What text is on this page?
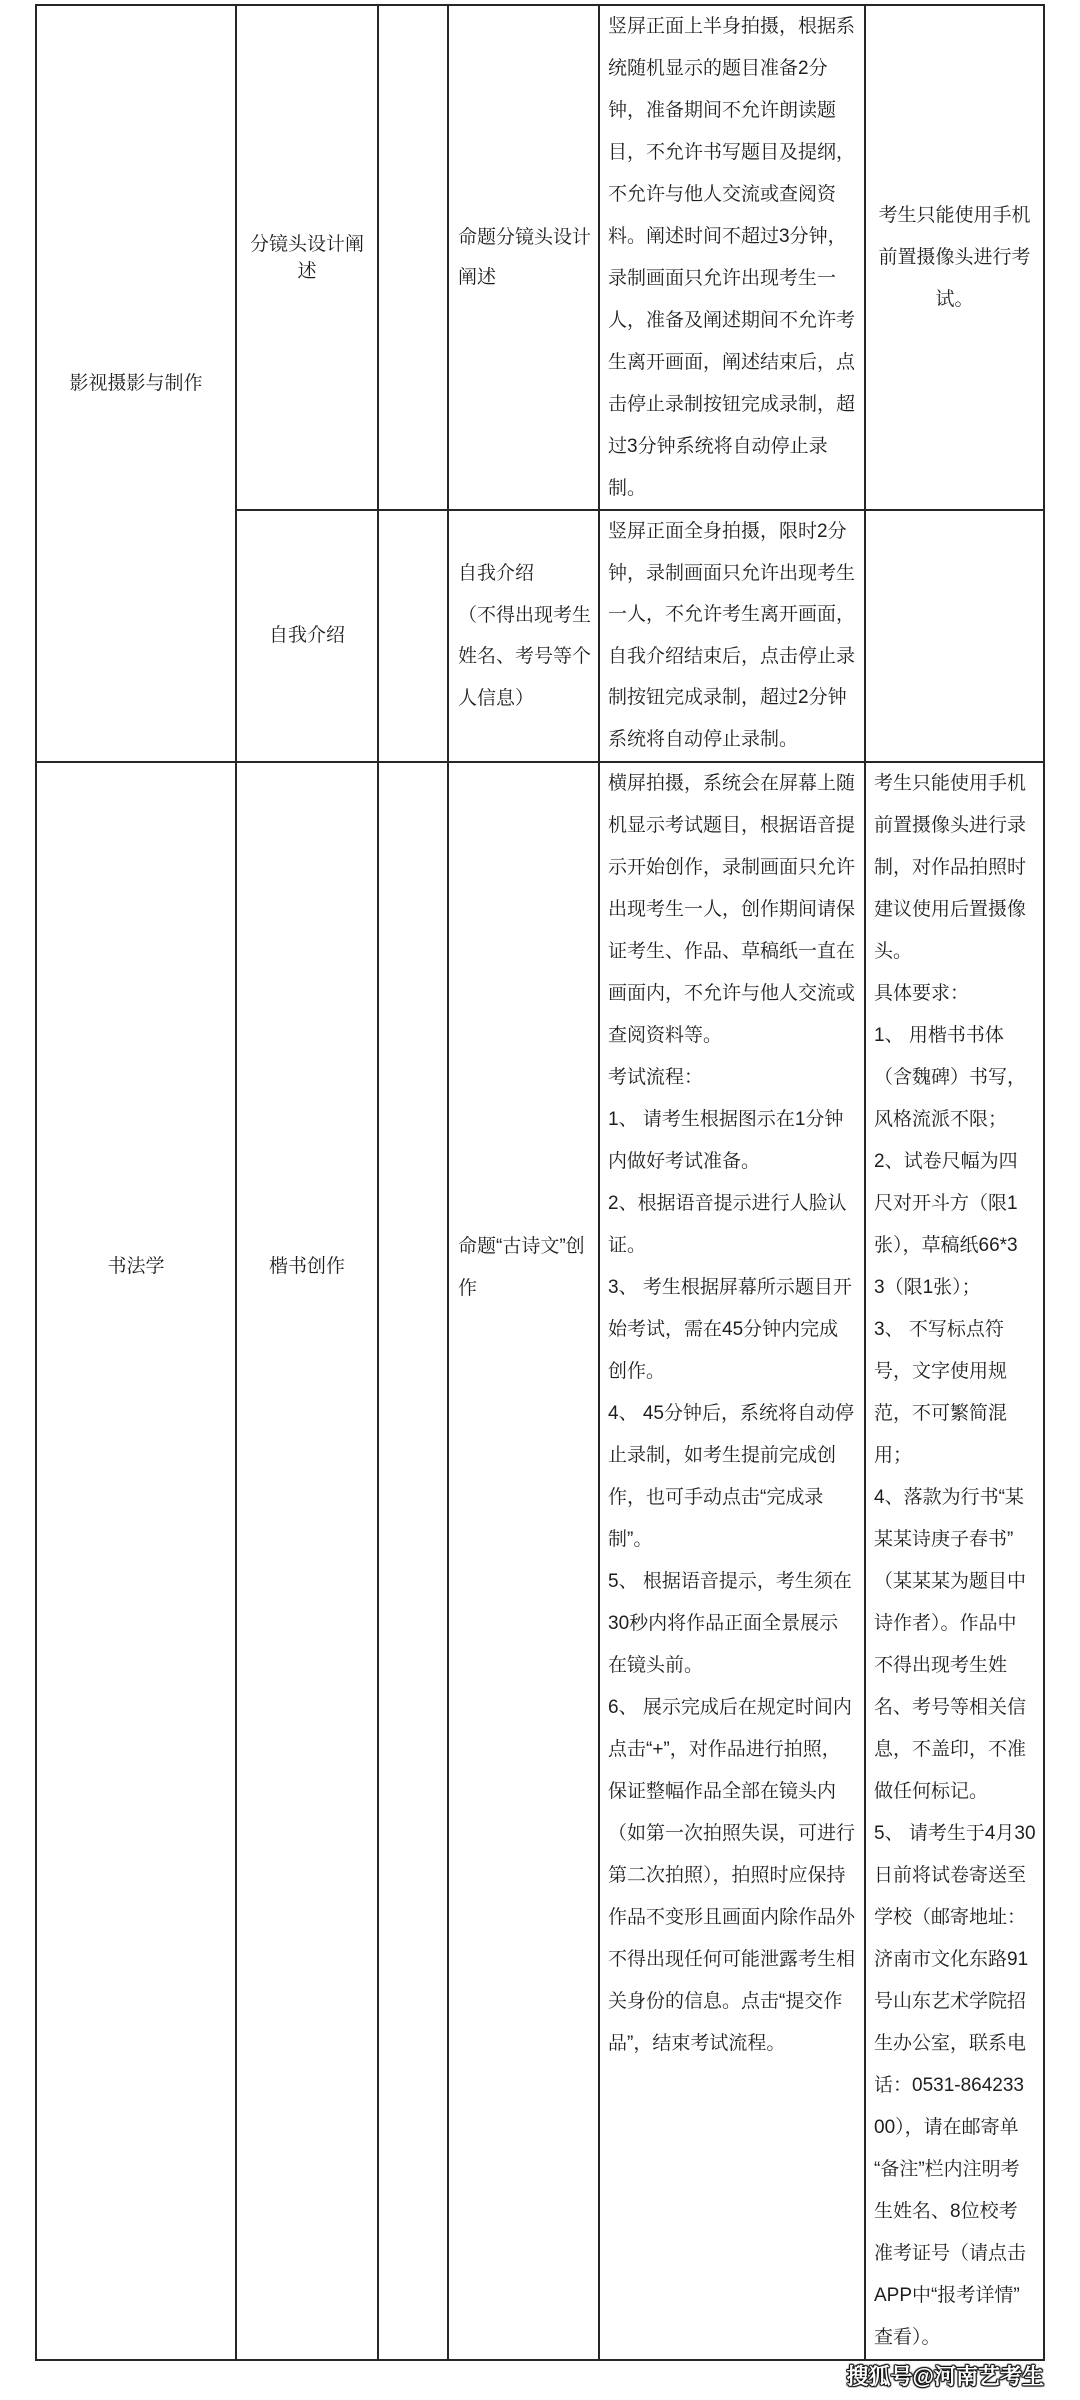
影视摄影与制作
分镜头设计阐
述
命题分镜头设计
阐述
竖屏正面上半身拍摄，根据系
统随机显示的题目准备2分
钟，准备期间不允许朗读题
目，不允许书写题目及提纲，
不允许与他人交流或查阅资
料。阐述时间不超过3分钟，
录制画面只允许出现考生一
人，准备及阐述期间不允许考
生离开画面，阐述结束后，点
击停止录制按钮完成录制，超
过3分钟系统将自动停止录
制。
考生只能使用手机
前置摄像头进行考
试。
自我介绍
自我介绍
（不得出现考生
姓名、考号等个
人信息）
竖屏正面全身拍摄，限时2分
钟，录制画面只允许出现考生
一人，不允许考生离开画面，
自我介绍结束后，点击停止录
制按钮完成录制，超过2分钟
系统将自动停止录制。
书法学	楷书创作
命题“古诗文”创
作
横屏拍摄，系统会在屏幕上随
机显示考试题目，根据语音提
示开始创作，录制画面只允许
出现考生一人，创作期间请保
证考生、作品、草稿纸一直在
画面内，不允许与他人交流或
查阅资料等。
考试流程：
1、 请考生根据图示在1分钟
内做好考试准备。
2、根据语音提示进行人脸认
证。
3、 考生根据屏幕所示题目开
始考试，需在45分钟内完成
创作。
4、 45分钟后，系统将自动停
止录制，如考生提前完成创
作，也可手动点击“完成录
制”。
5、 根据语音提示，考生须在
30秒内将作品正面全景展示
在镜头前。
6、 展示完成后在规定时间内
点击“+”，对作品进行拍照，
保证整幅作品全部在镜头内
（如第一次拍照失误，可进行
第二次拍照），拍照时应保持
作品不变形且画面内除作品外
不得出现任何可能泄露考生相
关身份的信息。点击“提交作
品”，结束考试流程。
考生只能使用手机
前置摄像头进行录
制，对作品拍照时
建议使用后置摄像
头。
具体要求：
1、 用楷书书体
（含魏碑）书写，
风格流派不限；
2、试卷尺幅为四
尺对开斗方（限1
张），草稿纸66*3
3（限1张）；
3、 不写标点符
号，文字使用规
范，不可繁简混
用；
4、落款为行书“某
某某诗庚子春书”
（某某某为题目中
诗作者）。作品中
不得出现考生姓
名、考号等相关信
息，不盖印，不准
做任何标记。
5、 请考生于4月30
日前将试卷寄送至
学校（邮寄地址：
济南市文化东路91
号山东艺术学院招
生办公室，联系电
话：0531-864233
00），请在邮寄单
“备注”栏内注明考
生姓名、8位校考
准考证号（请点击
APP中“报考详情”
查看）。
搜狐号@河南艺考生
